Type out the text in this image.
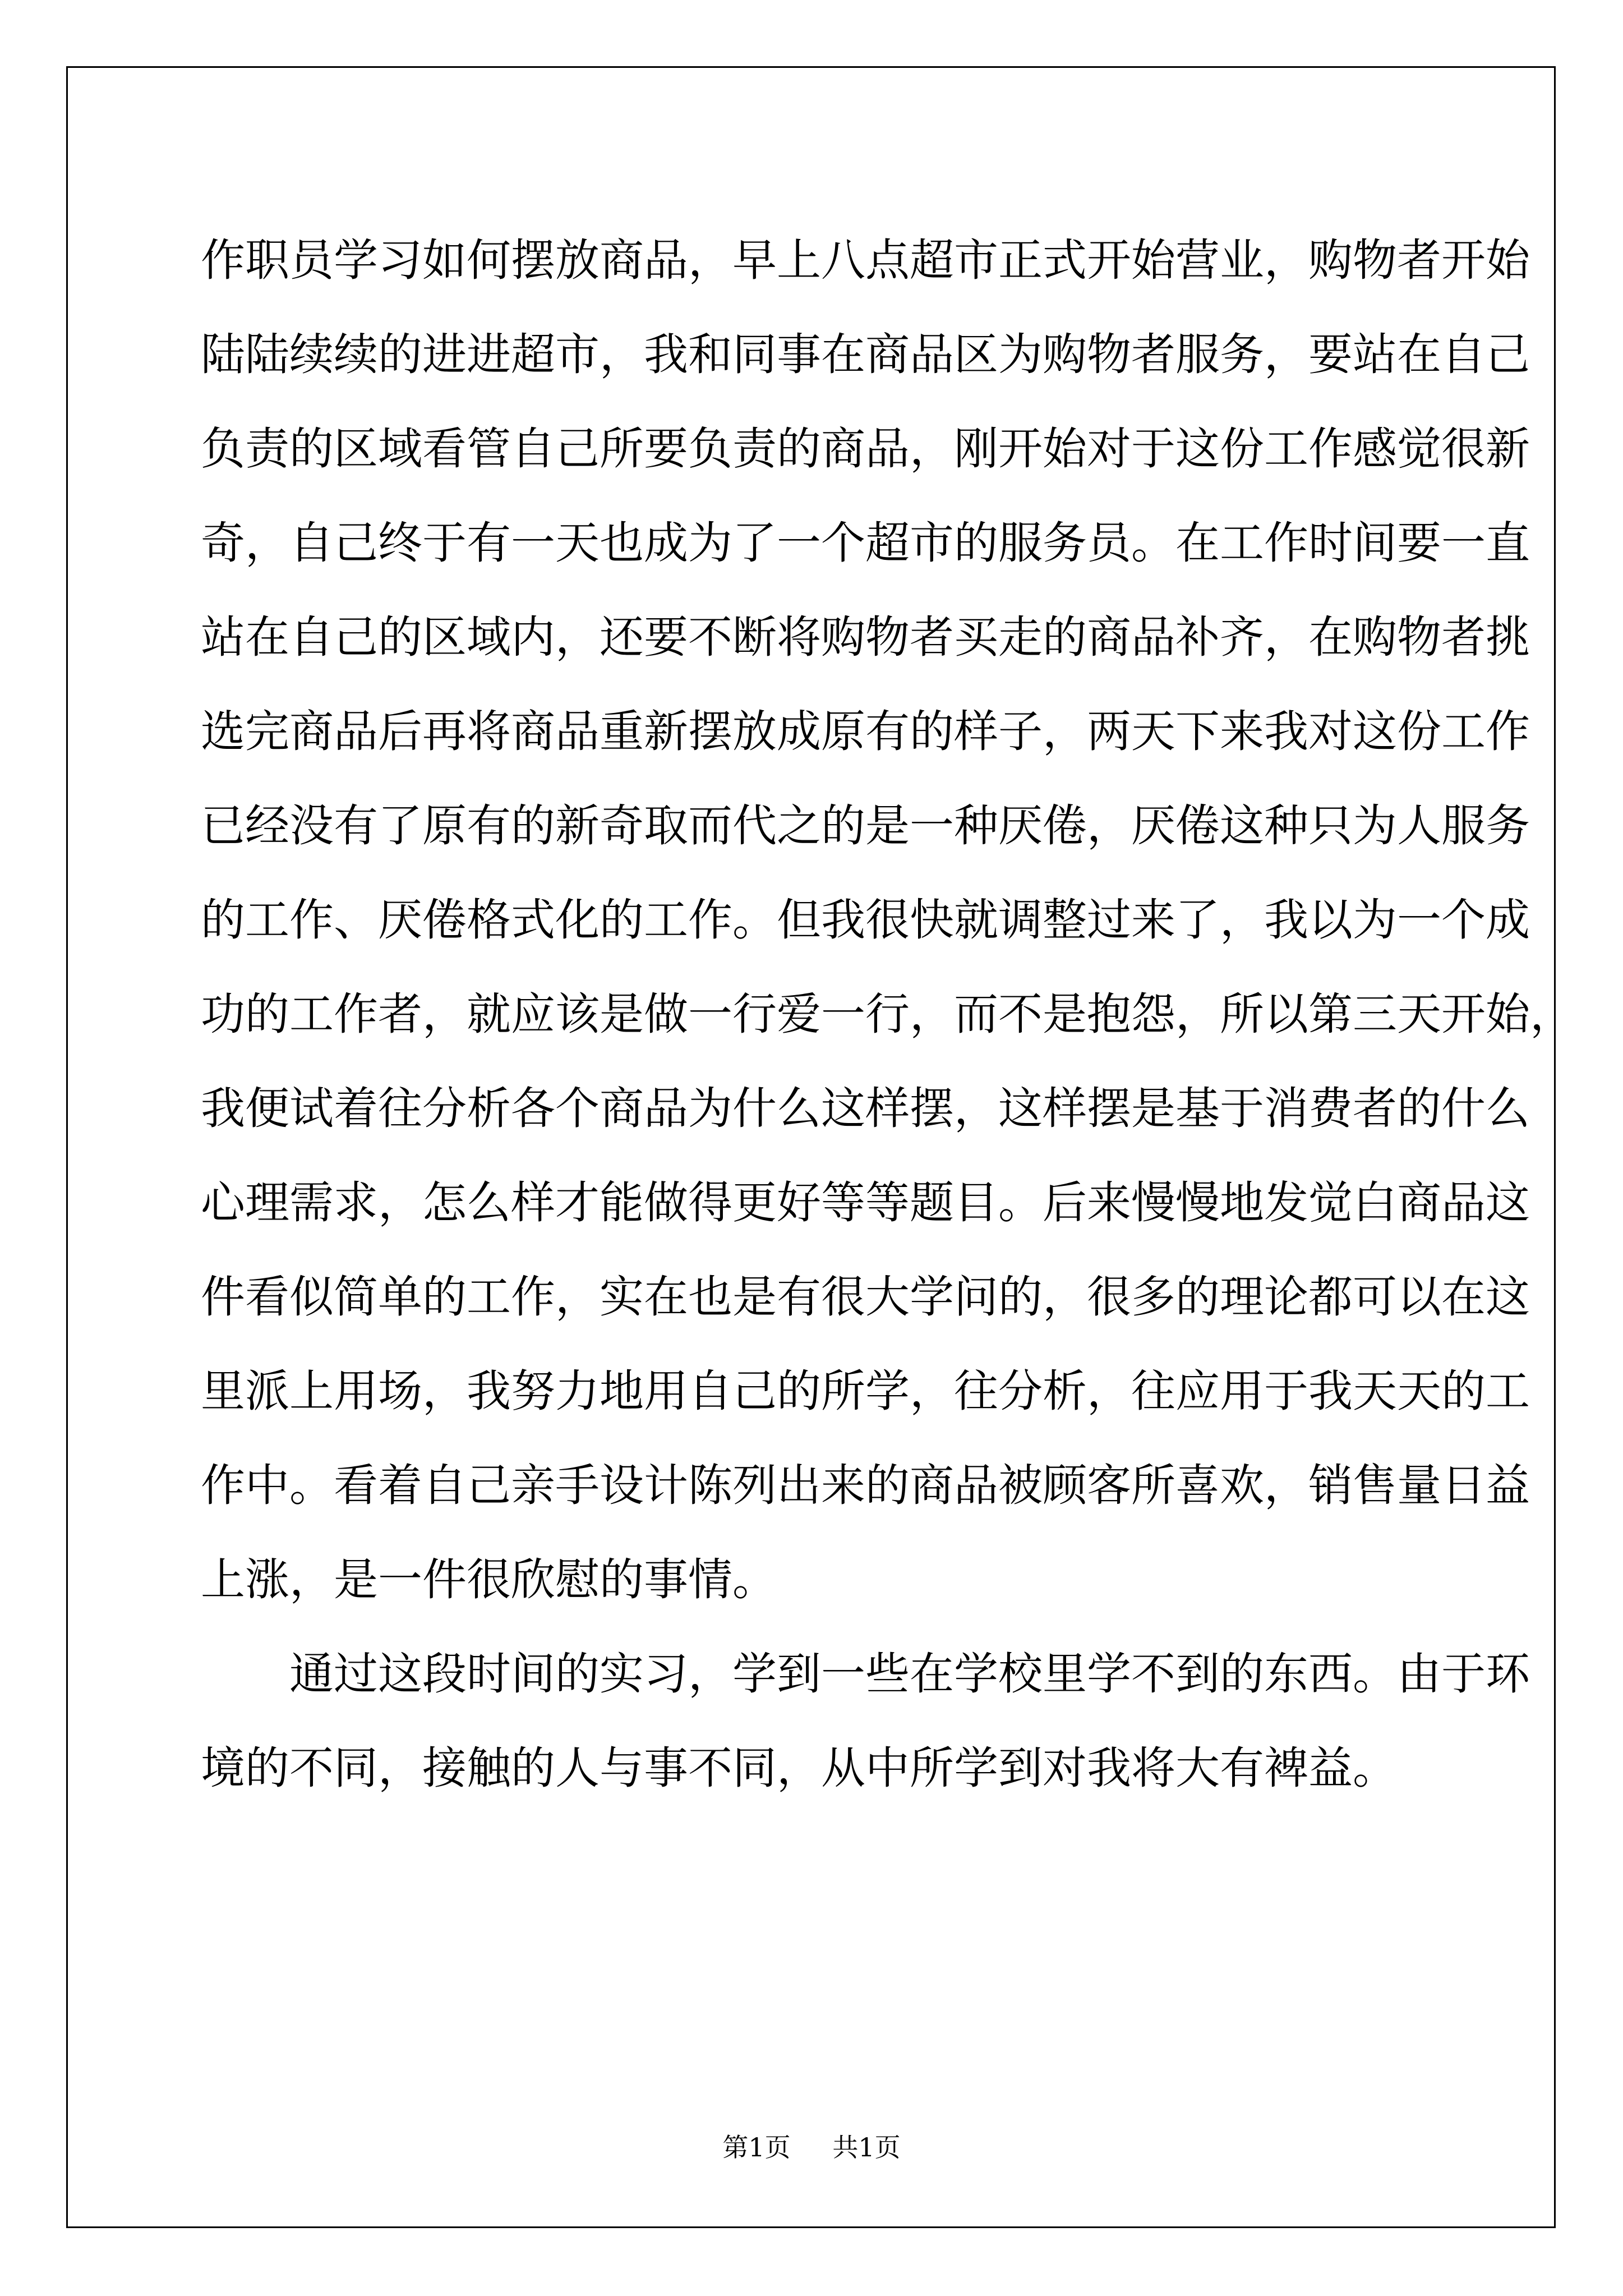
作职员学习如何摆放商品，早上八点超市正式开始营业，购物者开始
陆陆续续的进进超市，我和同事在商品区为购物者服务，要站在自己
负责的区域看管自己所要负责的商品，刚开始对于这份工作感觉很新
奇，自己终于有一天也成为了一个超市的服务员。在工作时间要一直
站在自己的区域内，还要不断将购物者买走的商品补齐，在购物者挑
选完商品后再将商品重新摆放成原有的样子，两天下来我对这份工作
已经没有了原有的新奇取而代之的是一种厌倦，厌倦这种只为人服务
的工作、厌倦格式化的工作。但我很快就调整过来了，我以为一个成
功的工作者，就应该是做一行爱一行，而不是抱怨，所以第三天开始，
我便试着往分析各个商品为什么这样摆，这样摆是基于消费者的什么
心理需求，怎么样才能做得更好等等题目。后来慢慢地发觉白商品这
件看似简单的工作，实在也是有很大学问的，很多的理论都可以在这
里派上用场，我努力地用自己的所学，往分析，往应用于我天天的工
作中。看着自己亲手设计陈列出来的商品被顾客所喜欢，销售量日益
上涨，是一件很欣慰的事情。
通过这段时间的实习，学到一些在学校里学不到的东西。由于环
境的不同，接触的人与事不同，从中所学到对我将大有裨益。
第1页 共1页
